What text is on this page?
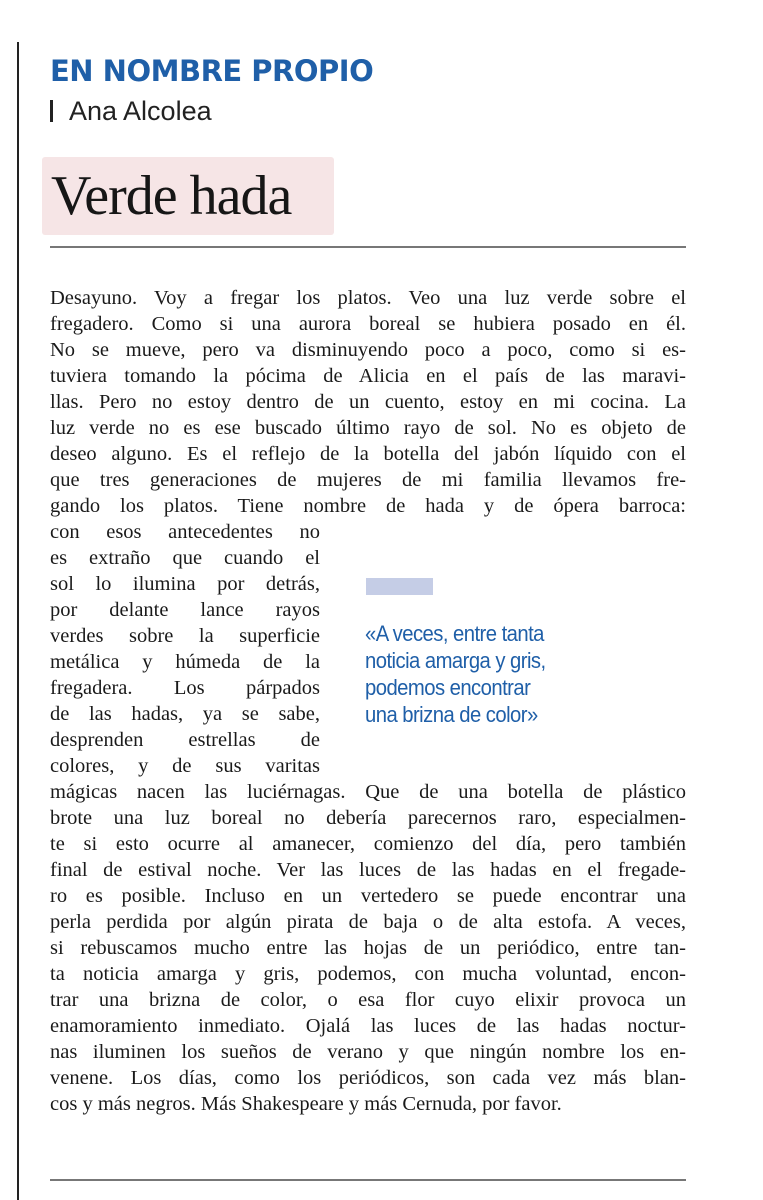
EN NOMBRE PROPIO
Ana Alcolea
Verde hada
Desayuno. Voy a fregar los platos. Veo una luz verde sobre el
fregadero. Como si una aurora boreal se hubiera posado en él.
No se mueve, pero va disminuyendo poco a poco, como si es-
tuviera tomando la pócima de Alicia en el país de las maravi-
llas. Pero no estoy dentro de un cuento, estoy en mi cocina. La
luz verde no es ese buscado último rayo de sol. No es objeto de
deseo alguno. Es el reflejo de la botella del jabón líquido con el
que tres generaciones de mujeres de mi familia llevamos fre-
gando los platos. Tiene nombre de hada y de ópera barroca:
con esos antecedentes no
es extraño que cuando el
sol lo ilumina por detrás,
por delante lance rayos
verdes sobre la superficie
metálica y húmeda de la
fregadera. Los párpados
de las hadas, ya se sabe,
desprenden estrellas de
colores, y de sus varitas
mágicas nacen las luciérnagas. Que de una botella de plástico
brote una luz boreal no debería parecernos raro, especialmen-
te si esto ocurre al amanecer, comienzo del día, pero también
final de estival noche. Ver las luces de las hadas en el fregade-
ro es posible. Incluso en un vertedero se puede encontrar una
perla perdida por algún pirata de baja o de alta estofa. A veces,
si rebuscamos mucho entre las hojas de un periódico, entre tan-
ta noticia amarga y gris, podemos, con mucha voluntad, encon-
trar una brizna de color, o esa flor cuyo elixir provoca un
enamoramiento inmediato. Ojalá las luces de las hadas noctur-
nas iluminen los sueños de verano y que ningún nombre los en-
venene. Los días, como los periódicos, son cada vez más blan-
cos y más negros. Más Shakespeare y más Cernuda, por favor.
«A veces, entre tanta
noticia amarga y gris,
podemos encontrar
una brizna de color»
